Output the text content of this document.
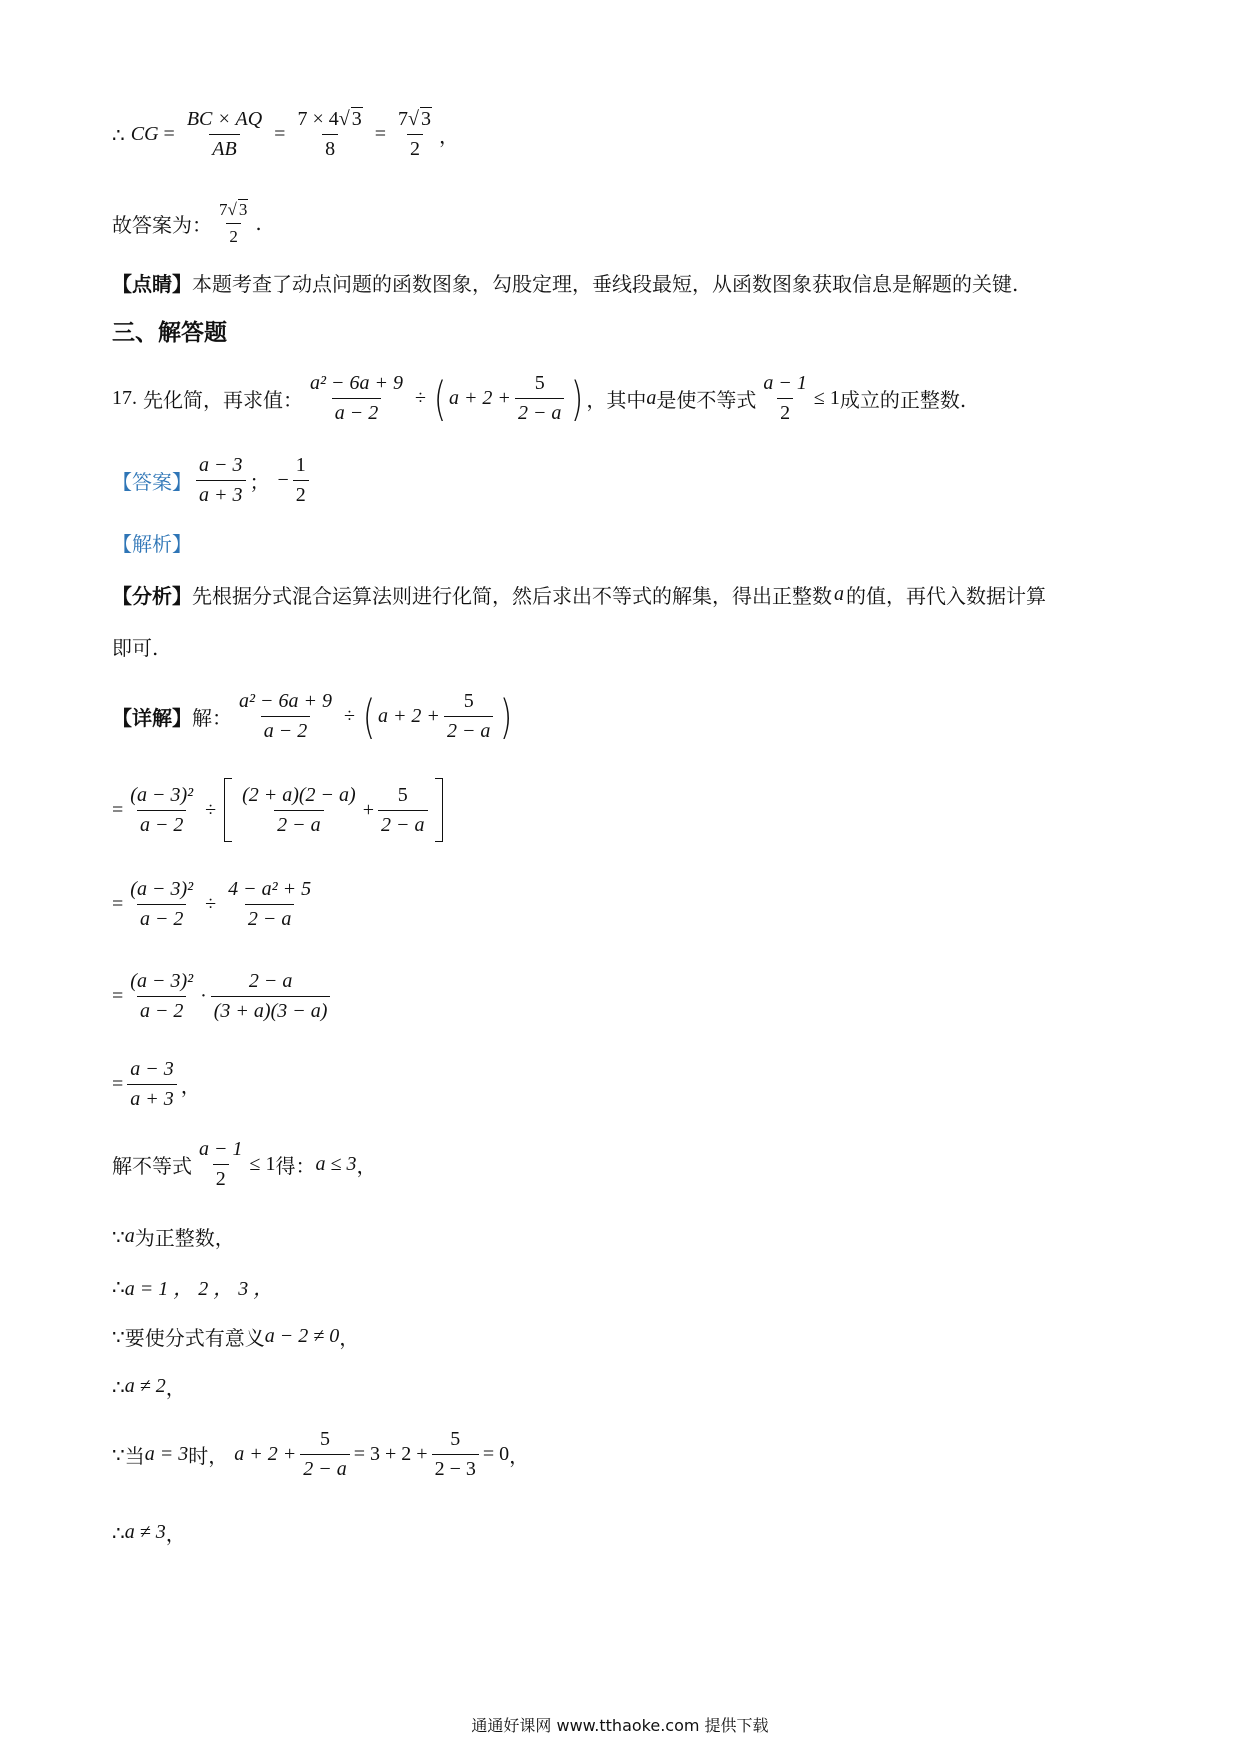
∴ CG = $\frac{BC \times AQ}{AB} = \frac{7 \times 4√ 3}{8} = \frac{7√ 3}{2}$ ，
故答案为： $\frac{7√ 3}{2}$ .
【点睛】 本题考查了动点问题的函数图象，勾股定理，垂线段最短，从函数图象获取信息是解题的关键.
三、解答题
17. 先化简，再求值： $\frac{\text{a² − 6a + 9}}{a - 2}$ ÷ ( $a + 2 + \frac{5}{2 - a}$ ) ，其中 a 是使不等式 $\frac{a - 1}{2} \le 1$ 成立的正整数.
【答案】 $\frac{a - 3}{a + 3}$ ； − $\frac{1}{2}$
【解析】
【分析】 先根据分式混合运算法则进行化简，然后求出不等式的解集，得出正整数 a 的值，再代入数据计算
即可.
【详解】 解： $\frac{\text{a² − 6a + 9}}{a - 2}$ ÷ ( $a + 2 + \frac{5}{2 - a}$ )
= $\frac{\text{(a − 3)²}}{a - 2} \div \frac{(2 + a)(2 - a)}{2 - a} + \frac{5}{2 - a}$
= $\frac{\text{(a − 3)²}}{a - 2} \div \frac{\text{4 − a² + 5}}{2 - a}$
= $\frac{\text{(a − 3)²}}{a - 2} \cdot \frac{2 - a}{(3 + a)(3 - a)}$
= $\frac{a - 3}{a + 3}$ ，
解不等式 $\frac{a - 1}{2} \le 1$ 得： a ≤ 3 ，
∵ a 为正整数，
∴ a = 1 ， 2 ， 3 ，
∵ 要使分式有意义 a − 2 ≠ 0 ，
∴ a ≠ 2 ，
∵ 当 a = 3 时， $a + 2 + \frac{5}{2 - a} = 3 + 2 + \frac{5}{2 - 3} = 0$ ，
∴ a ≠ 3 ，
通通好课网 www.tthaoke.com 提供下载
